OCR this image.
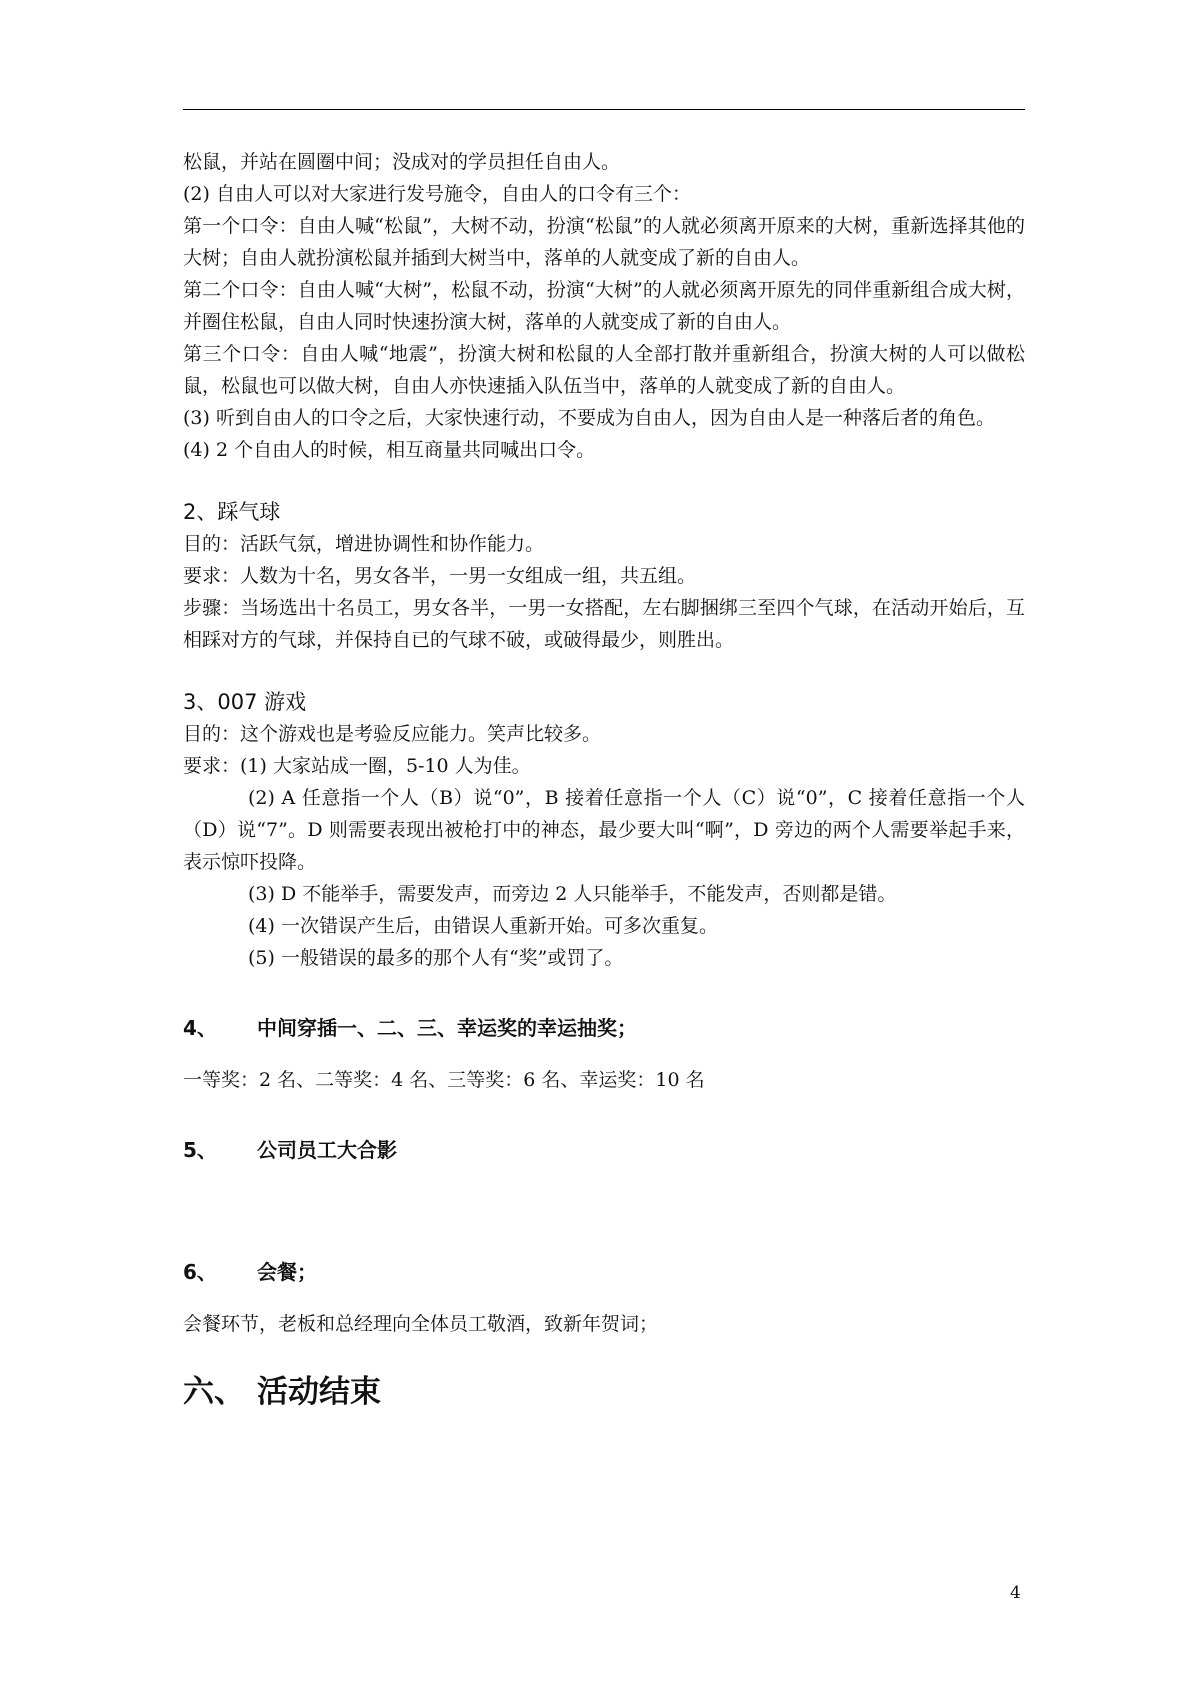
松鼠，并站在圆圈中间；没成对的学员担任自由人。

(2) 自由人可以对大家进行发号施令，自由人的口令有三个：

第一个口令：自由人喊“松鼠”，大树不动，扮演“松鼠”的人就必须离开原来的大树，重新选择其他的大树；自由人就扮演松鼠并插到大树当中，落单的人就变成了新的自由人。

第二个口令：自由人喊“大树”，松鼠不动，扮演“大树”的人就必须离开原先的同伴重新组合成大树，并圈住松鼠，自由人同时快速扮演大树，落单的人就变成了新的自由人。

第三个口令：自由人喊“地震”，扮演大树和松鼠的人全部打散并重新组合，扮演大树的人可以做松鼠，松鼠也可以做大树，自由人亦快速插入队伍当中，落单的人就变成了新的自由人。

(3) 听到自由人的口令之后，大家快速行动，不要成为自由人，因为自由人是一种落后者的角色。

(4) 2 个自由人的时候，相互商量共同喊出口令。

2、踩气球

目的：活跃气氛，增进协调性和协作能力。

要求：人数为十名，男女各半，一男一女组成一组，共五组。

步骤：当场选出十名员工，男女各半，一男一女搭配，左右脚捆绑三至四个气球，在活动开始后，互相踩对方的气球，并保持自已的气球不破，或破得最少，则胜出。

3、007 游戏

目的：这个游戏也是考验反应能力。笑声比较多。

要求：(1) 大家站成一圈，5-10 人为佳。

(2) A 任意指一个人（B）说“0”，B 接着任意指一个人（C）说“0”，C 接着任意指一个人（D）说“7”。D 则需要表现出被枪打中的神态，最少要大叫“啊”，D 旁边的两个人需要举起手来，表示惊吓投降。

(3) D 不能举手，需要发声，而旁边 2 人只能举手，不能发声，否则都是错。

(4) 一次错误产生后，由错误人重新开始。可多次重复。

(5) 一般错误的最多的那个人有“奖”或罚了。

4、	中间穿插一、二、三、幸运奖的幸运抽奖；

一等奖：2 名、二等奖：4 名、三等奖：6 名、幸运奖：10 名

5、	公司员工大合影
6、	会餐；

会餐环节，老板和总经理向全体员工敬酒，致新年贺词；

六、 活动结束
4
